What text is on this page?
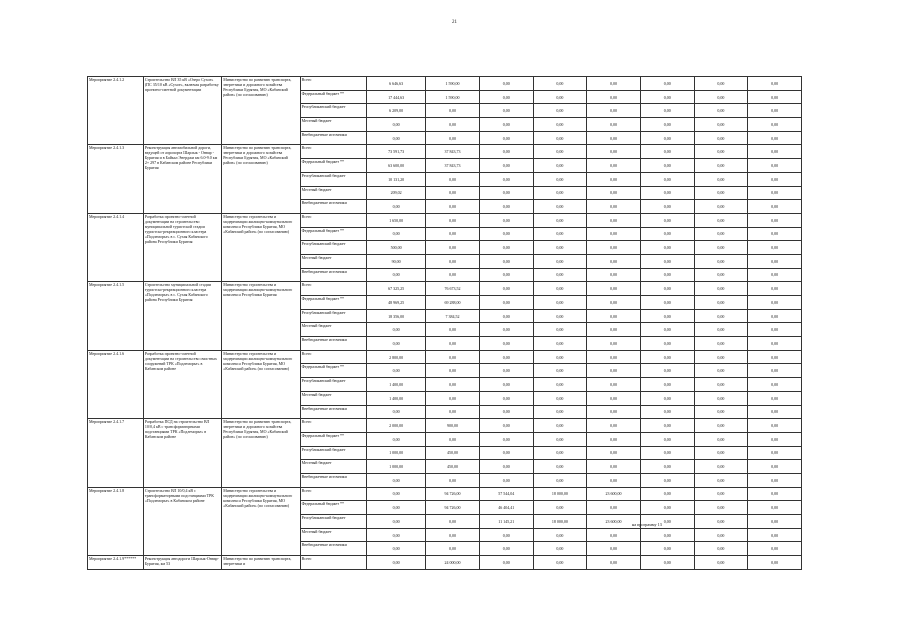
21
Мероприятие 2.4.1.2	Строительство ВЛ 35 кВ «Озеро Сухое» (ПС 35/10 кВ «Сухое», включая разработку проектно-сметной документации	Министерство по развитию транспорта, энергетики и дорожного хозяйства Республики Бурятия, МО «Кабанский район» (по согласованию)	Всего	6 646,63	1 590,00	0,00	0,00	0,00	0,00	0,00	0,00
			Федеральный бюджет **	17 444,63	1 590,00	0,00	0,00	0,00	0,00	0,00	0,00
			Республиканский бюджет	6 209,00	0,00	0,00	0,00	0,00	0,00	0,00	0,00
			Местный бюджет	0,00	0,00	0,00	0,00	0,00	0,00	0,00	0,00
			Внебюджетные источники	0,00	0,00	0,00	0,00	0,00	0,00	0,00	0,00
Мероприятие 2.4.1.3	Реконструкция автомобильной дороги, ведущей от аэропорта Шарлык - Онвар - Бурятия и в Байкал Энерджи км 6.0-9.0 км 2+ 297 в Кабанском районе Республики Бурятия	Министерство по развитию транспорта, энергетики и дорожного хозяйства Республики Бурятия, МО «Кабанский район» (по согласованию)	Всего	73 591,73	37 843,73	0,00	0,00	0,00	0,00	0,00	0,00
			Федеральный бюджет **	63 600,00	37 843,73	0,00	0,00	0,00	0,00	0,00	0,00
			Республиканский бюджет	10 131,20	0,00	0,00	0,00	0,00	0,00	0,00	0,00
			Местный бюджет	209,02	0,00	0,00	0,00	0,00	0,00	0,00	0,00
			Внебюджетные источники	0,00	0,00	0,00	0,00	0,00	0,00	0,00	0,00
Мероприятие 2.4.1.4	Разработка проектно-сметной документации на строительство муниципальной туристской стадии туристско-рекреационного кластера «Подлеморье» в с. Сухая Кабанского района Республики Бурятия	Министерство строительства и модернизации жилищно-коммунального комплекса Республики Бурятия, МО «Кабанский район» (по согласованию)	Всего	1 650,00	0,00	0,00	0,00	0,00	0,00	0,00	0,00
			Федеральный бюджет **	0,00	0,00	0,00	0,00	0,00	0,00	0,00	0,00
			Республиканский бюджет	500,00	0,00	0,00	0,00	0,00	0,00	0,00	0,00
			Местный бюджет	90,00	0,00	0,00	0,00	0,00	0,00	0,00	0,00
			Внебюджетные источники	0,00	0,00	0,00	0,00	0,00	0,00	0,00	0,00
Мероприятие 2.4.1.5	Строительство муниципальной стадии туристско-рекреационного кластера «Подлеморье» в с. Сухая Кабанского района Республики Бурятия	Министерство строительства и модернизации жилищно-коммунального комплекса Республики Бурятия	Всего	67 325,25	76 673,52	0,00	0,00	0,00	0,00	0,00	0,00
			Федеральный бюджет **	48 969,25	69 288,00	0,00	0,00	0,00	0,00	0,00	0,00
			Республиканский бюджет	18 356,00	7 384,52	0,00	0,00	0,00	0,00	0,00	0,00
			Местный бюджет	0,00	0,00	0,00	0,00	0,00	0,00	0,00	0,00
			Внебюджетные источники	0,00	0,00	0,00	0,00	0,00	0,00	0,00	0,00
Мероприятие 2.4.1.6	Разработка проектно-сметной документации на строительство очистных сооружений ТРК «Подлеморье» в Кабанском районе	Министерство строительства и модернизации жилищно-коммунального комплекса Республики Бурятия, МО «Кабанский район» (по согласованию)	Всего	2 800,00	0,00	0,00	0,00	0,00	0,00	0,00	0,00
			Федеральный бюджет **	0,00	0,00	0,00	0,00	0,00	0,00	0,00	0,00
			Республиканский бюджет	1 400,00	0,00	0,00	0,00	0,00	0,00	0,00	0,00
			Местный бюджет	1 400,00	0,00	0,00	0,00	0,00	0,00	0,00	0,00
			Внебюджетные источники	0,00	0,00	0,00	0,00	0,00	0,00	0,00	0,00
Мероприятие 2.4.1.7	Разработка ПСД на строительство ВЛ 10/0,4 кВ с трансформаторными подстанциями ТРК «Подлеморье» в Кабанском районе	Министерство по развитию транспорта, энергетики и дорожного хозяйства Республики Бурятия, МО «Кабанский район» (по согласованию)	Всего	2 000,00	900,00	0,00	0,00	0,00	0,00	0,00	0,00
			Федеральный бюджет **	0,00	0,00	0,00	0,00	0,00	0,00	0,00	0,00
			Республиканский бюджет	1 000,00	450,00	0,00	0,00	0,00	0,00	0,00	0,00
			Местный бюджет	1 000,00	450,00	0,00	0,00	0,00	0,00	0,00	0,00
			Внебюджетные источники	0,00	0,00	0,00	0,00	0,00	0,00	0,00	0,00
Мероприятие 2.4.1.8	Строительство ВЛ 10/0,4 кВ с трансформаторными подстанциями ТРК «Подлеморье» в Кабанском районе	Министерство строительства и модернизации жилищно-коммунального комплекса Республики Бурятия, МО «Кабанский район» (по согласованию)	Всего	0,00	94 726,00	57 544,04	18 000,00	23 600,00	0,00	0,00	0,00
			Федеральный бюджет **	0,00	94 726,00	46 404,41	0,00	0,00	0,00	0,00	0,00
			Республиканский бюджет	0,00	0,00	11 145,21	18 000,00	23 600,00	0,00	0,00	0,00
			Местный бюджет	0,00	0,00	0,00	0,00	0,00	0,00	0,00	0,00
			Внебюджетные источники	0,00	0,00	0,00	0,00	0,00	0,00	0,00	0,00
Мероприятие 2.4.1.9******	Реконструкция автодороги Шарлык-Онвар-Бурятия, км 53	Министерство по развитию транспорта, энергетики и	Всего	0,00	24 000,00	0,00	0,00	0,00	0,00	0,00	0,00
на программу 13
